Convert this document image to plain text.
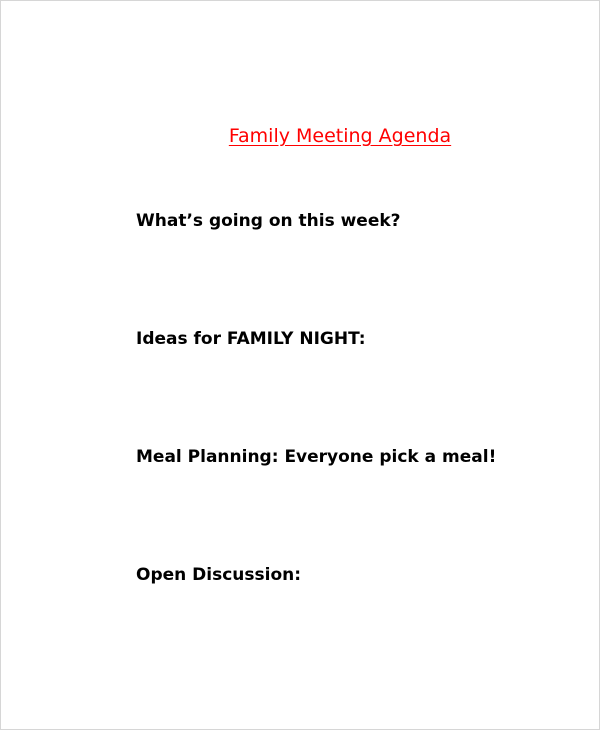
Family Meeting Agenda
What’s going on this week?
Ideas for FAMILY NIGHT:
Meal Planning: Everyone pick a meal!
Open Discussion:
